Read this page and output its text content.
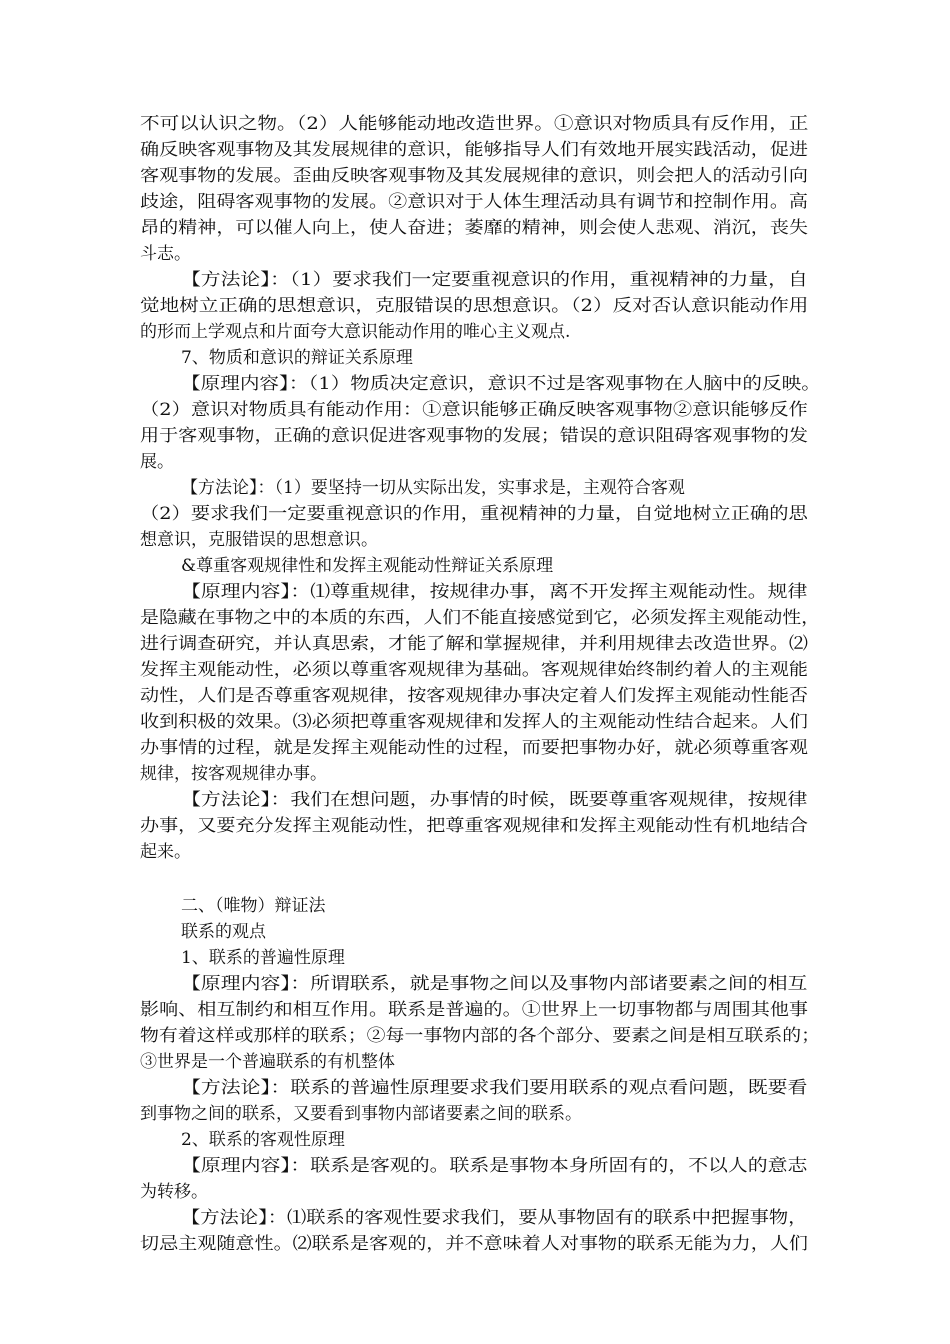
不可以认识之物。（2）人能够能动地改造世界。①意识对物质具有反作用，正
确反映客观事物及其发展规律的意识，能够指导人们有效地开展实践活动，促进
客观事物的发展。歪曲反映客观事物及其发展规律的意识，则会把人的活动引向
歧途，阻碍客观事物的发展。②意识对于人体生理活动具有调节和控制作用。高
昂的精神，可以催人向上，使人奋进；萎靡的精神，则会使人悲观、消沉，丧失
斗志。
【方法论】：（1）要求我们一定要重视意识的作用，重视精神的力量，自
觉地树立正确的思想意识，克服错误的思想意识。（2）反对否认意识能动作用
的形而上学观点和片面夸大意识能动作用的唯心主义观点.
7、物质和意识的辩证关系原理
【原理内容】：（1）物质决定意识，意识不过是客观事物在人脑中的反映。
（2）意识对物质具有能动作用：①意识能够正确反映客观事物②意识能够反作
用于客观事物，正确的意识促进客观事物的发展；错误的意识阻碍客观事物的发
展。
【方法论】：（1）要坚持一切从实际出发，实事求是，主观符合客观
（2）要求我们一定要重视意识的作用，重视精神的力量，自觉地树立正确的思
想意识，克服错误的思想意识。
&尊重客观规律性和发挥主观能动性辩证关系原理
【原理内容】：⑴尊重规律，按规律办事，离不开发挥主观能动性。规律
是隐藏在事物之中的本质的东西，人们不能直接感觉到它，必须发挥主观能动性，
进行调查研究，并认真思索，才能了解和掌握规律，并利用规律去改造世界。⑵
发挥主观能动性，必须以尊重客观规律为基础。客观规律始终制约着人的主观能
动性，人们是否尊重客观规律，按客观规律办事决定着人们发挥主观能动性能否
收到积极的效果。⑶必须把尊重客观规律和发挥人的主观能动性结合起来。人们
办事情的过程，就是发挥主观能动性的过程，而要把事物办好，就必须尊重客观
规律，按客观规律办事。
【方法论】：我们在想问题，办事情的时候，既要尊重客观规律，按规律
办事，又要充分发挥主观能动性，把尊重客观规律和发挥主观能动性有机地结合
起来。
二、（唯物）辩证法
联系的观点
1、联系的普遍性原理
【原理内容】：所谓联系，就是事物之间以及事物内部诸要素之间的相互
影响、相互制约和相互作用。联系是普遍的。①世界上一切事物都与周围其他事
物有着这样或那样的联系；②每一事物内部的各个部分、要素之间是相互联系的；
③世界是一个普遍联系的有机整体
【方法论】：联系的普遍性原理要求我们要用联系的观点看问题，既要看
到事物之间的联系，又要看到事物内部诸要素之间的联系。
2、联系的客观性原理
【原理内容】：联系是客观的。联系是事物本身所固有的，不以人的意志
为转移。
【方法论】：⑴联系的客观性要求我们，要从事物固有的联系中把握事物，
切忌主观随意性。⑵联系是客观的，并不意味着人对事物的联系无能为力，人们
